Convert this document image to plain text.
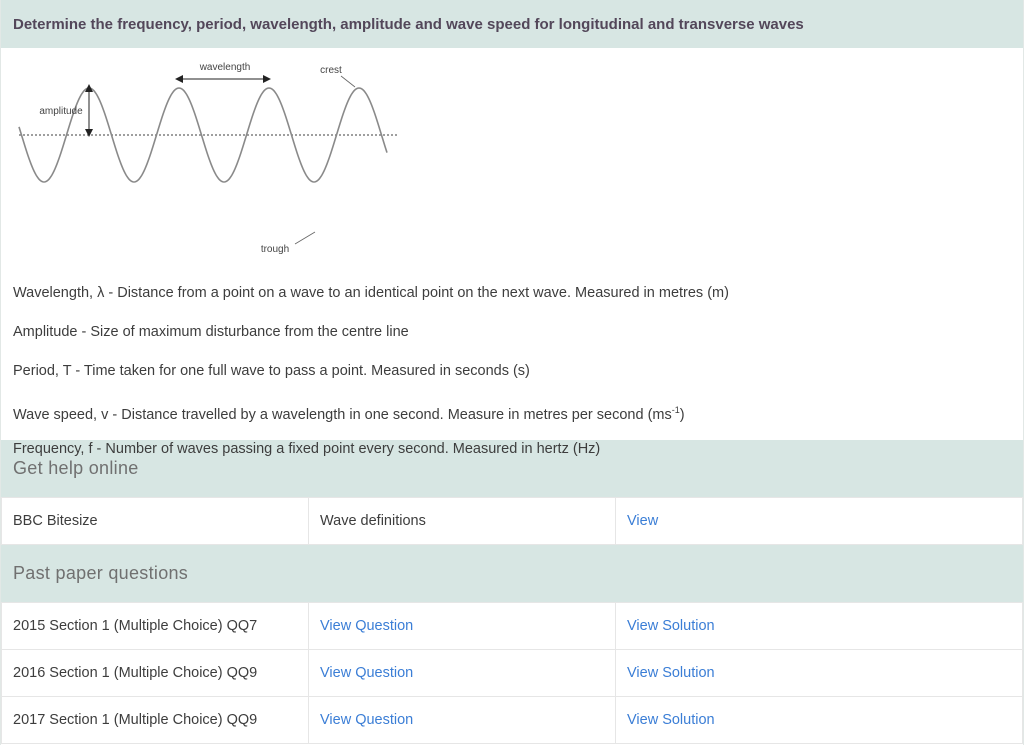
Determine the frequency, period, wavelength, amplitude and wave speed for longitudinal and transverse waves
wavelength	crest
amplitude
trough
Wavelength, λ - Distance from a point on a wave to an identical point on the next wave. Measured in metres (m)
Amplitude - Size of maximum disturbance from the centre line
Period, T - Time taken for one full wave to pass a point. Measured in seconds (s)
Wave speed, v - Distance travelled by a wavelength in one second. Measure in metres per second $(ms^{-1})$
Frequency, f - Number of waves passing a fixed point every second. Measured in hertz (Hz)
Get help online
BBC Bitesize	Wave definitions	View
Past paper questions
2015 Section 1 (Multiple Choice) QQ7	View Question	View Solution
2016 Section 1 (Multiple Choice) QQ9	View Question	View Solution
2017 Section 1 (Multiple Choice) QQ9	View Question	View Solution
